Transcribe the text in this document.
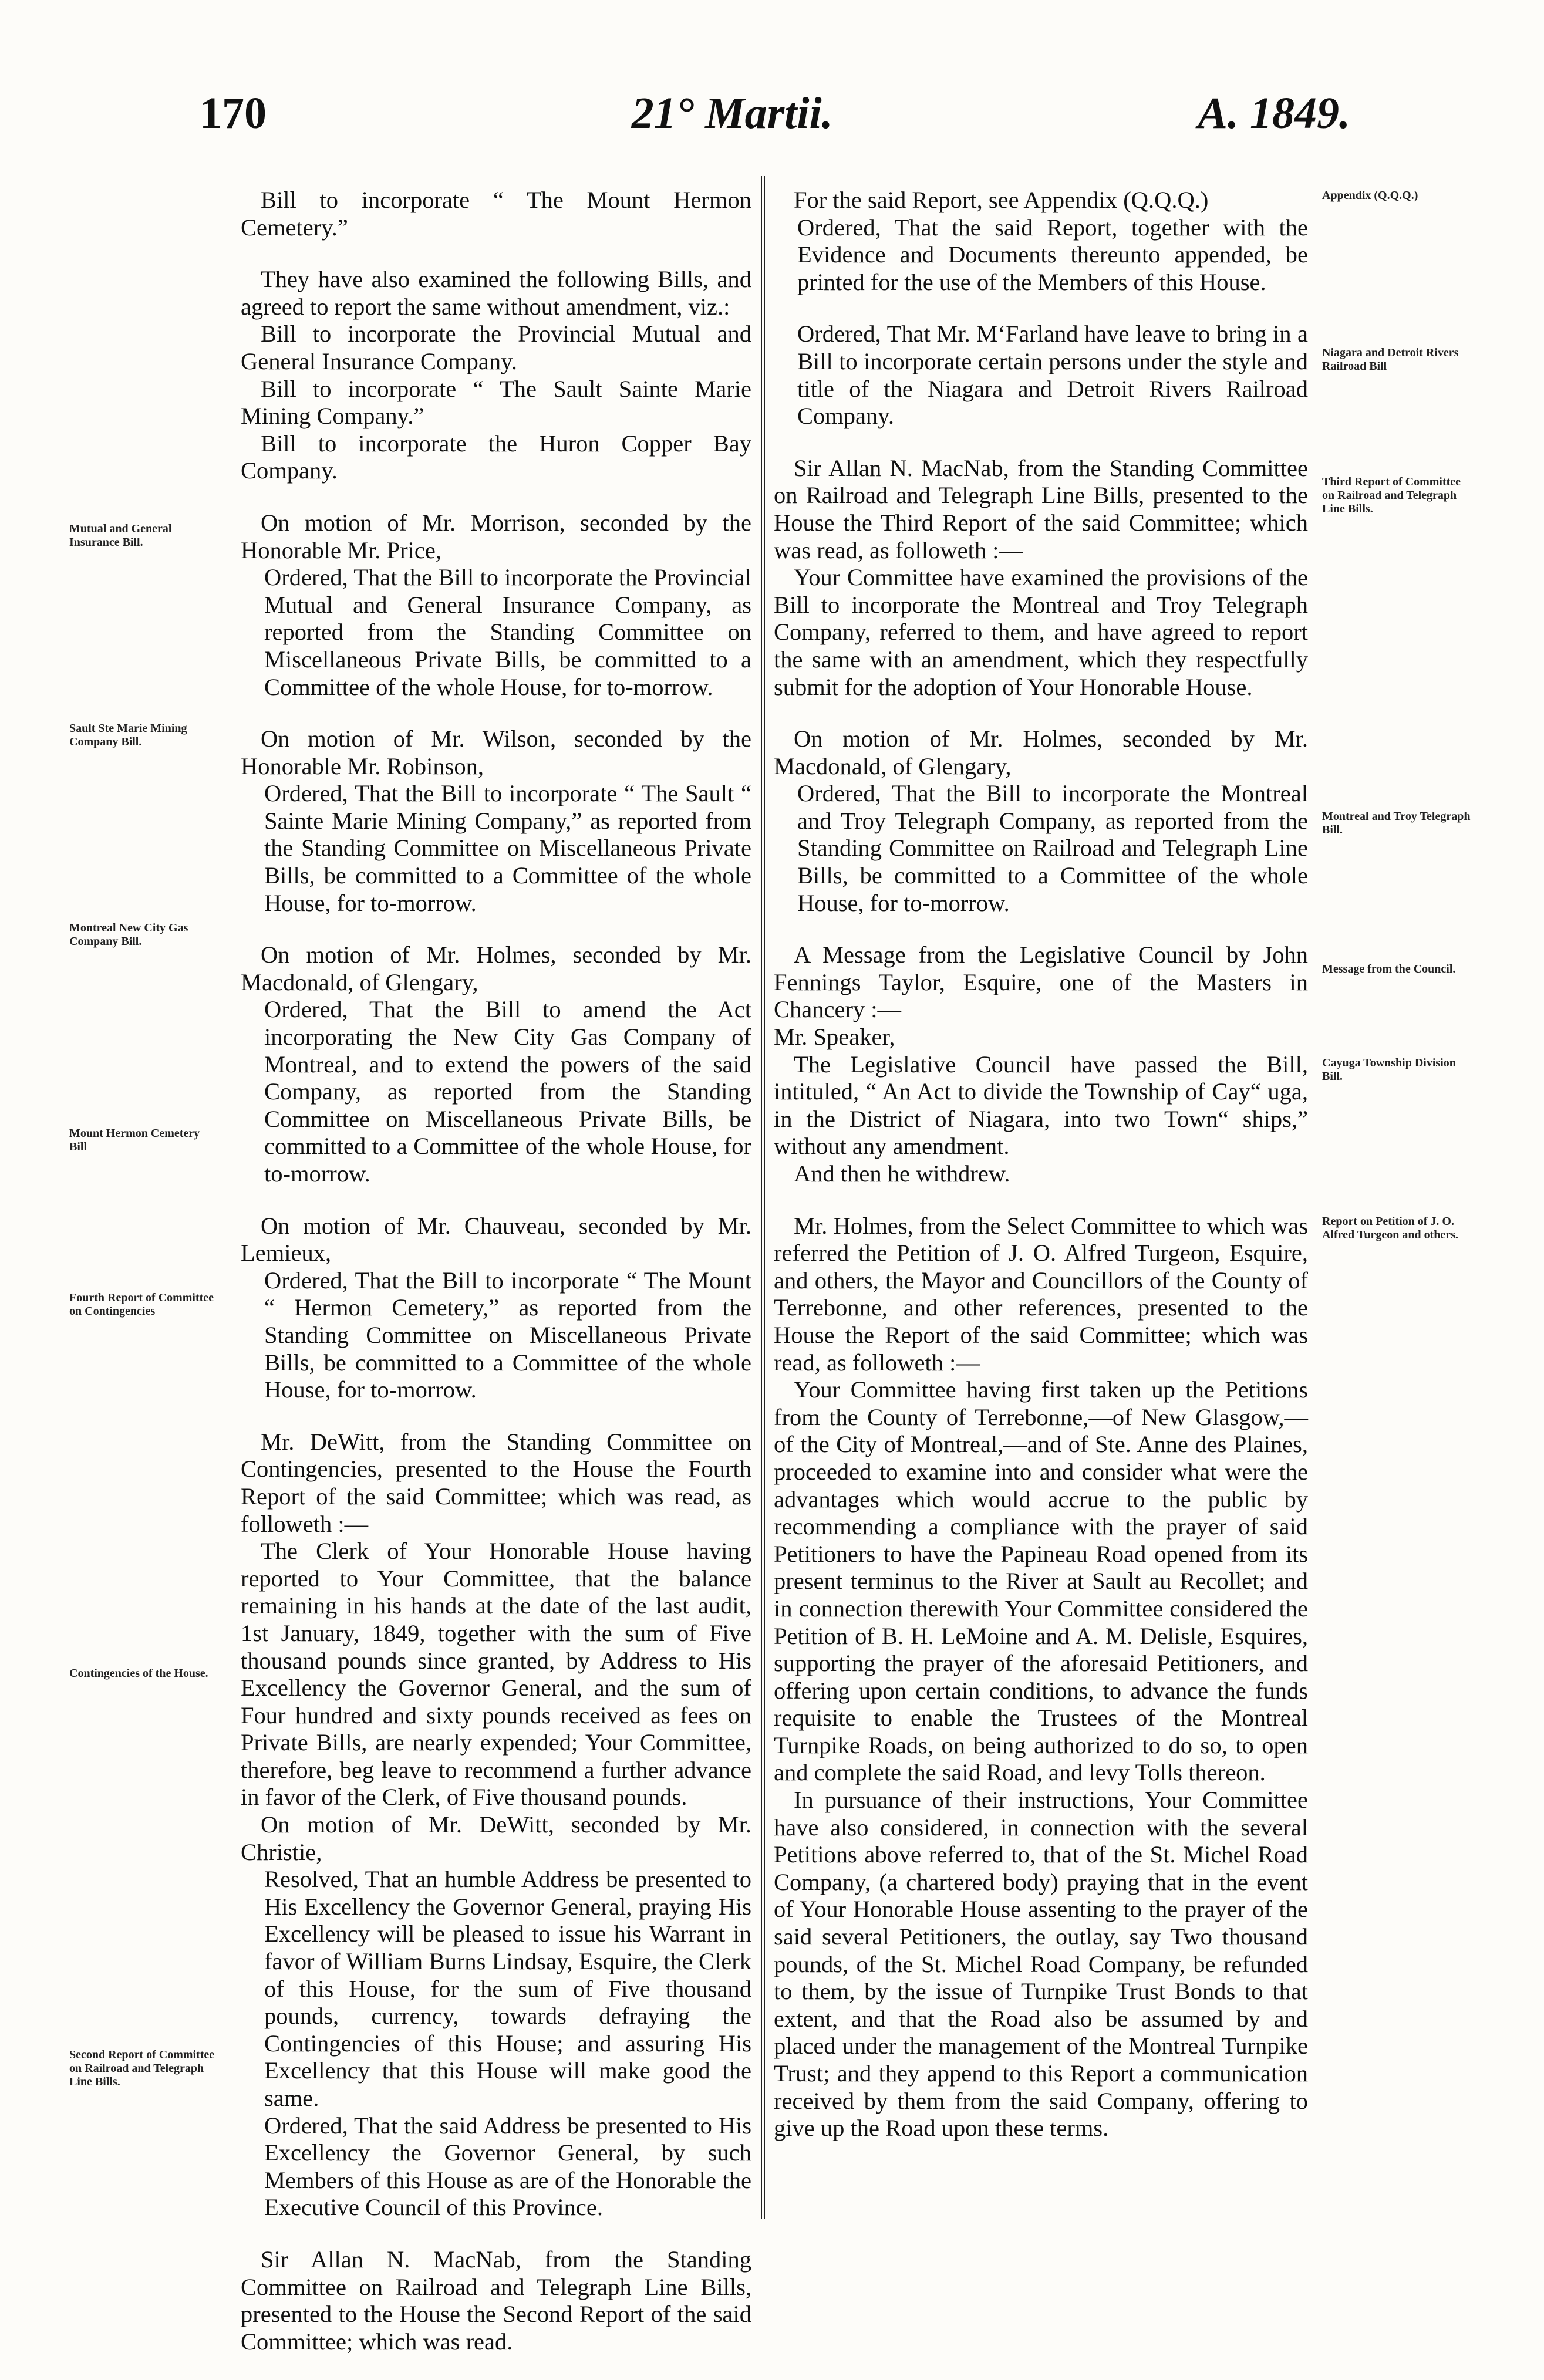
170	21° Martii.	A. 1849.

Bill to incorporate “ The Mount Hermon Cemetery.”

They have also examined the following Bills, and agreed to report the same without amendment, viz.:

Bill to incorporate the Provincial Mutual and General Insurance Company.

Bill to incorporate “ The Sault Sainte Marie Mining Company.”

Bill to incorporate the Huron Copper Bay Company.

On motion of Mr. Morrison, seconded by the Honorable Mr. Price,

Ordered, That the Bill to incorporate the Provincial Mutual and General Insurance Company, as reported from the Standing Committee on Miscellaneous Private Bills, be committed to a Committee of the whole House, for to-morrow.

On motion of Mr. Wilson, seconded by the Honorable Mr. Robinson,

Ordered, That the Bill to incorporate “ The Sault “ Sainte Marie Mining Company,” as reported from the Standing Committee on Miscellaneous Private Bills, be committed to a Committee of the whole House, for to-morrow.

On motion of Mr. Holmes, seconded by Mr. Macdonald, of Glengary,

Ordered, That the Bill to amend the Act incorporating the New City Gas Company of Montreal, and to extend the powers of the said Company, as reported from the Standing Committee on Miscellaneous Private Bills, be committed to a Committee of the whole House, for to-morrow.

On motion of Mr. Chauveau, seconded by Mr. Lemieux,

Ordered, That the Bill to incorporate “ The Mount “ Hermon Cemetery,” as reported from the Standing Committee on Miscellaneous Private Bills, be committed to a Committee of the whole House, for to-morrow.

Mr. DeWitt, from the Standing Committee on Contingencies, presented to the House the Fourth Report of the said Committee; which was read, as followeth :—

The Clerk of Your Honorable House having reported to Your Committee, that the balance remaining in his hands at the date of the last audit, 1st January, 1849, together with the sum of Five thousand pounds since granted, by Address to His Excellency the Governor General, and the sum of Four hundred and sixty pounds received as fees on Private Bills, are nearly expended; Your Committee, therefore, beg leave to recommend a further advance in favor of the Clerk, of Five thousand pounds.

On motion of Mr. DeWitt, seconded by Mr. Christie,

Resolved, That an humble Address be presented to His Excellency the Governor General, praying His Excellency will be pleased to issue his Warrant in favor of William Burns Lindsay, Esquire, the Clerk of this House, for the sum of Five thousand pounds, currency, towards defraying the Contingencies of this House; and assuring His Excellency that this House will make good the same.

Ordered, That the said Address be presented to His Excellency the Governor General, by such Members of this House as are of the Honorable the Executive Council of this Province.

Sir Allan N. MacNab, from the Standing Committee on Railroad and Telegraph Line Bills, presented to the House the Second Report of the said Committee; which was read.

For the said Report, see Appendix (Q.Q.Q.)

Ordered, That the said Report, together with the Evidence and Documents thereunto appended, be printed for the use of the Members of this House.

Ordered, That Mr. M‘Farland have leave to bring in a Bill to incorporate certain persons under the style and title of the Niagara and Detroit Rivers Railroad Company.

Sir Allan N. MacNab, from the Standing Committee on Railroad and Telegraph Line Bills, presented to the House the Third Report of the said Committee; which was read, as followeth :—

Your Committee have examined the provisions of the Bill to incorporate the Montreal and Troy Telegraph Company, referred to them, and have agreed to report the same with an amendment, which they respectfully submit for the adoption of Your Honorable House.

On motion of Mr. Holmes, seconded by Mr. Macdonald, of Glengary,

Ordered, That the Bill to incorporate the Montreal and Troy Telegraph Company, as reported from the Standing Committee on Railroad and Telegraph Line Bills, be committed to a Committee of the whole House, for to-morrow.

A Message from the Legislative Council by John Fennings Taylor, Esquire, one of the Masters in Chancery :—

Mr. Speaker,

The Legislative Council have passed the Bill, intituled, “ An Act to divide the Township of Cay“ uga, in the District of Niagara, into two Town“ ships,” without any amendment.

And then he withdrew.

Mr. Holmes, from the Select Committee to which was referred the Petition of J. O. Alfred Turgeon, Esquire, and others, the Mayor and Councillors of the County of Terrebonne, and other references, presented to the House the Report of the said Committee; which was read, as followeth :—

Your Committee having first taken up the Petitions from the County of Terrebonne,—of New Glasgow,—of the City of Montreal,—and of Ste. Anne des Plaines, proceeded to examine into and consider what were the advantages which would accrue to the public by recommending a compliance with the prayer of said Petitioners to have the Papineau Road opened from its present terminus to the River at Sault au Recollet; and in connection therewith Your Committee considered the Petition of B. H. LeMoine and A. M. Delisle, Esquires, supporting the prayer of the aforesaid Petitioners, and offering upon certain conditions, to advance the funds requisite to enable the Trustees of the Montreal Turnpike Roads, on being authorized to do so, to open and complete the said Road, and levy Tolls thereon.

In pursuance of their instructions, Your Committee have also considered, in connection with the several Petitions above referred to, that of the St. Michel Road Company, (a chartered body) praying that in the event of Your Honorable House assenting to the prayer of the said several Petitioners, the outlay, say Two thousand pounds, of the St. Michel Road Company, be refunded to them, by the issue of Turnpike Trust Bonds to that extent, and that the Road also be assumed by and placed under the management of the Montreal Turnpike Trust; and they append to this Report a communication received by them from the said Company, offering to give up the Road upon these terms.

Mutual and General Insurance Bill.
Sault Ste Marie Mining Company Bill.
Montreal New City Gas Company Bill.
Mount Hermon Cemetery Bill
Fourth Report of Committee on Contingencies
Contingencies of the House.
Second Report of Committee on Railroad and Telegraph Line Bills.
Appendix (Q.Q.Q.)
Niagara and Detroit Rivers Railroad Bill
Third Report of Committee on Railroad and Telegraph Line Bills.
Montreal and Troy Telegraph Bill.
Message from the Council.
Cayuga Township Division Bill.
Report on Petition of J. O. Alfred Turgeon and others.
